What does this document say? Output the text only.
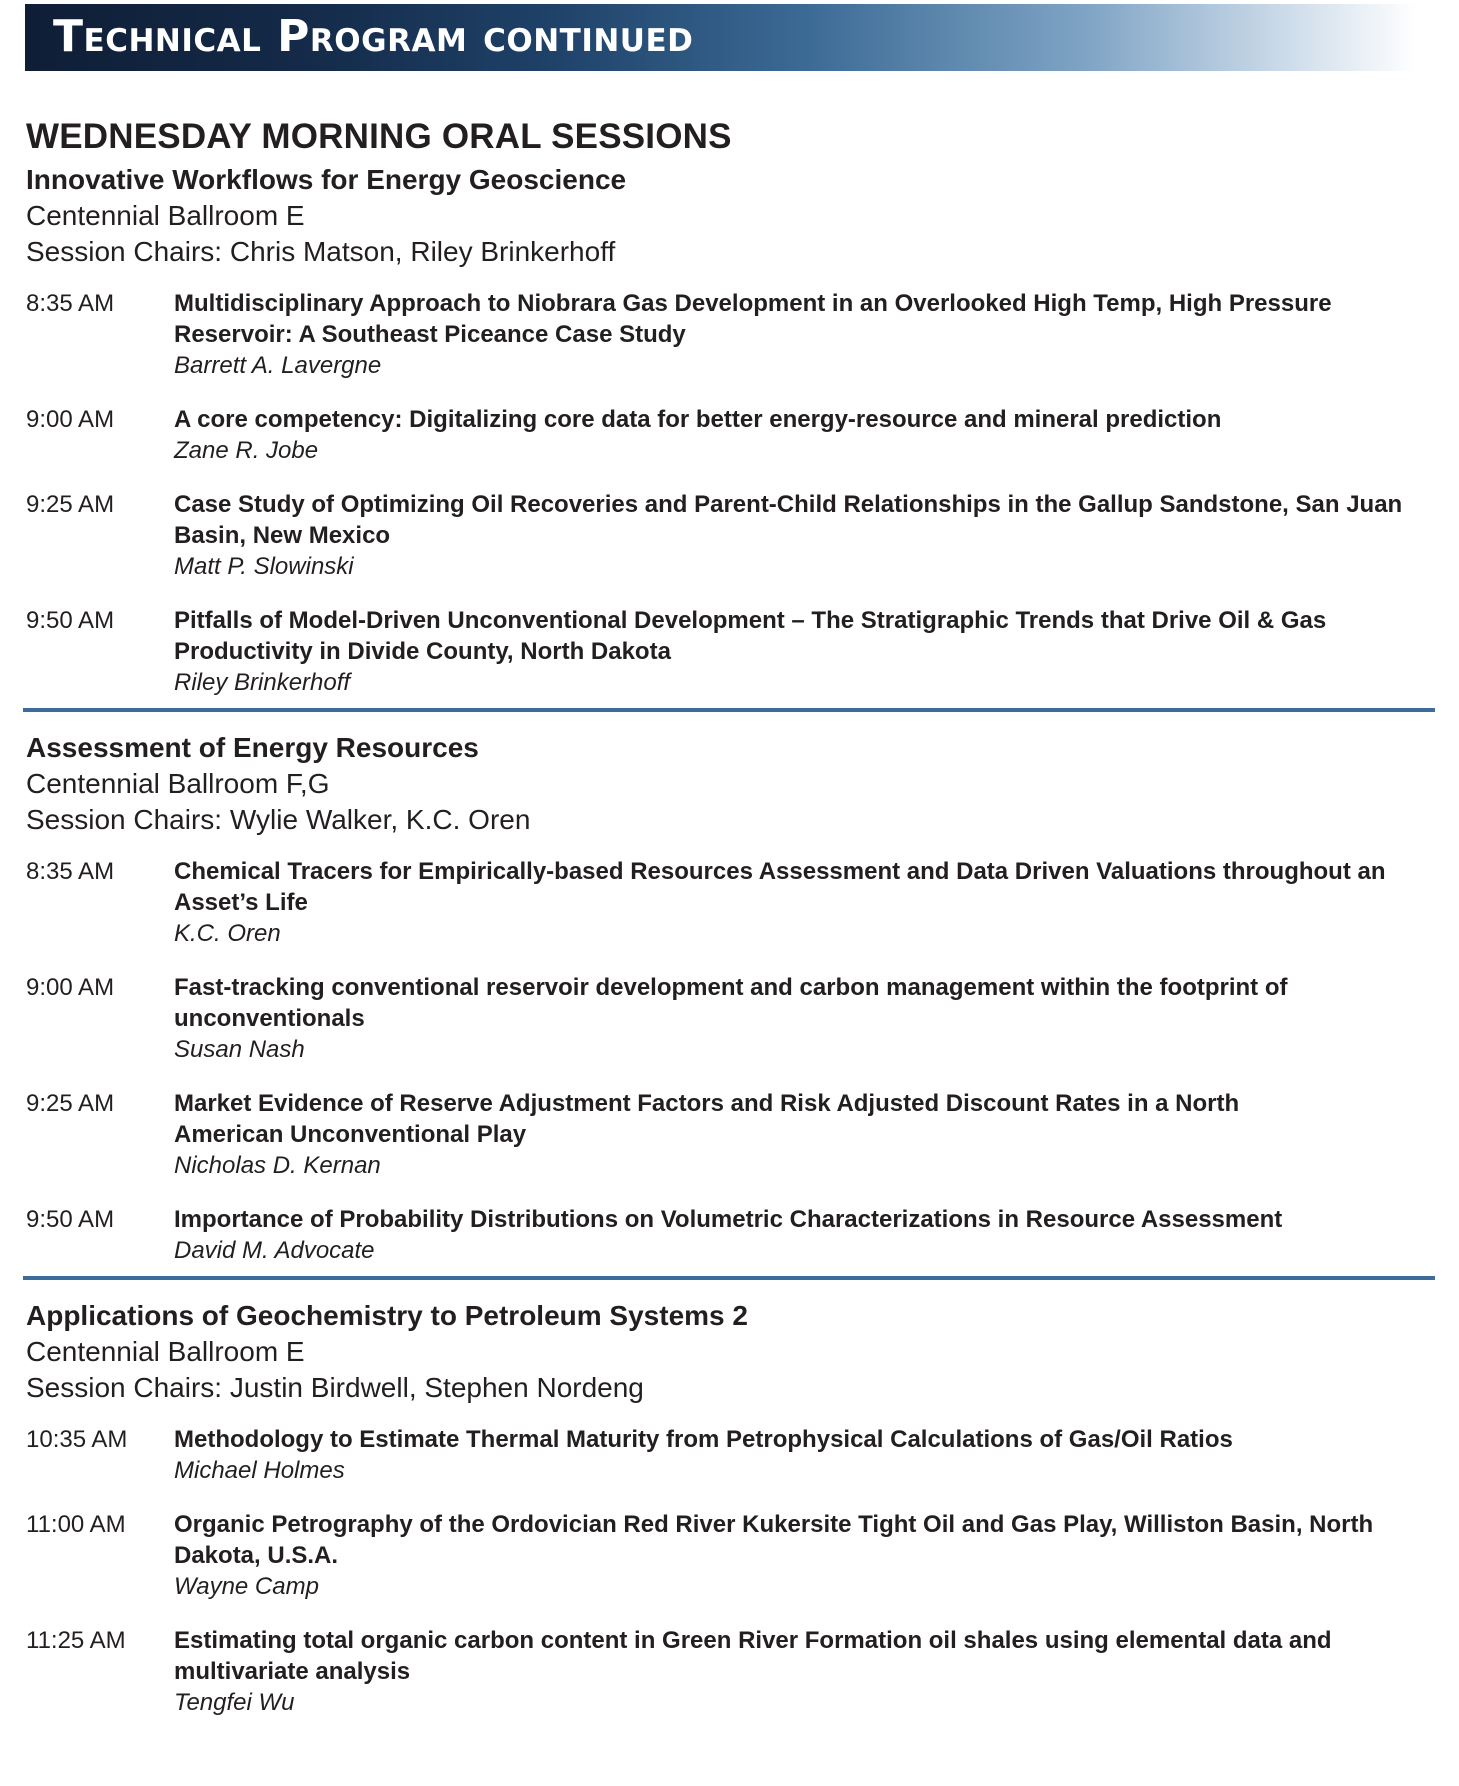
Technical Program continued
WEDNESDAY MORNING ORAL SESSIONS
Innovative Workflows for Energy Geoscience
Centennial Ballroom E
Session Chairs: Chris Matson, Riley Brinkerhoff
8:35 AM	Multidisciplinary Approach to Niobrara Gas Development in an Overlooked High Temp, High Pressure Reservoir: A Southeast Piceance Case Study
Barrett A. Lavergne
9:00 AM	A core competency: Digitalizing core data for better energy-resource and mineral prediction
Zane R. Jobe
9:25 AM	Case Study of Optimizing Oil Recoveries and Parent-Child Relationships in the Gallup Sandstone, San Juan Basin, New Mexico
Matt P. Slowinski
9:50 AM	Pitfalls of Model-Driven Unconventional Development – The Stratigraphic Trends that Drive Oil & Gas Productivity in Divide County, North Dakota
Riley Brinkerhoff
Assessment of Energy Resources
Centennial Ballroom F,G
Session Chairs: Wylie Walker, K.C. Oren
8:35 AM	Chemical Tracers for Empirically-based Resources Assessment and Data Driven Valuations throughout an Asset’s Life
K.C. Oren
9:00 AM	Fast-tracking conventional reservoir development and carbon management within the footprint of unconventionals
Susan Nash
9:25 AM	Market Evidence of Reserve Adjustment Factors and Risk Adjusted Discount Rates in a North American Unconventional Play
Nicholas D. Kernan
9:50 AM	Importance of Probability Distributions on Volumetric Characterizations in Resource Assessment
David M. Advocate
Applications of Geochemistry to Petroleum Systems 2
Centennial Ballroom E
Session Chairs: Justin Birdwell, Stephen Nordeng
10:35 AM	Methodology to Estimate Thermal Maturity from Petrophysical Calculations of Gas/Oil Ratios
Michael Holmes
11:00 AM	Organic Petrography of the Ordovician Red River Kukersite Tight Oil and Gas Play, Williston Basin, North Dakota, U.S.A.
Wayne Camp
11:25 AM	Estimating total organic carbon content in Green River Formation oil shales using elemental data and multivariate analysis
Tengfei Wu
